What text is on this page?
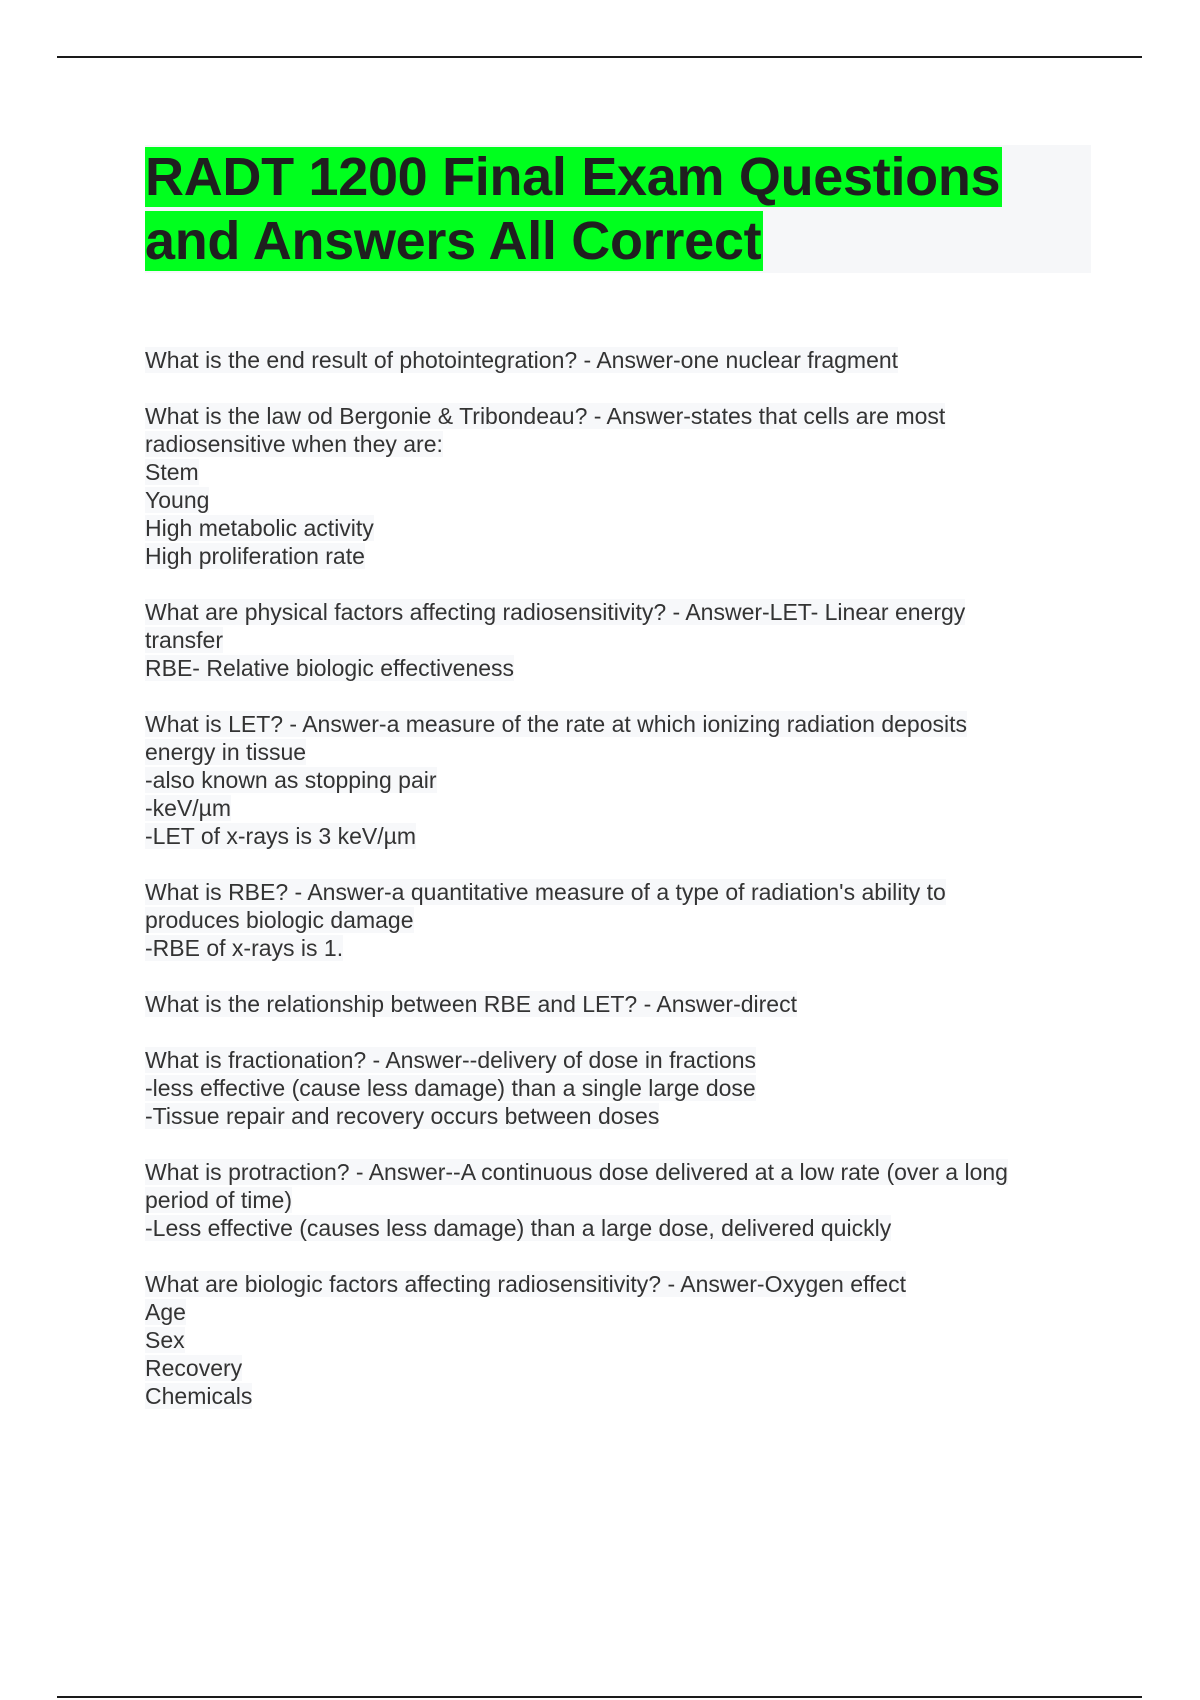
RADT 1200 Final Exam Questions
and Answers All Correct
What is the end result of photointegration? - Answer-one nuclear fragment
What is the law od Bergonie & Tribondeau? - Answer-states that cells are most
radiosensitive when they are:
Stem
Young
High metabolic activity
High proliferation rate
What are physical factors affecting radiosensitivity? - Answer-LET- Linear energy
transfer
RBE- Relative biologic effectiveness
What is LET? - Answer-a measure of the rate at which ionizing radiation deposits
energy in tissue
-also known as stopping pair
-keV/µm
-LET of x-rays is 3 keV/µm
What is RBE? - Answer-a quantitative measure of a type of radiation's ability to
produces biologic damage
-RBE of x-rays is 1.
What is the relationship between RBE and LET? - Answer-direct
What is fractionation? - Answer--delivery of dose in fractions
-less effective (cause less damage) than a single large dose
-Tissue repair and recovery occurs between doses
What is protraction? - Answer--A continuous dose delivered at a low rate (over a long
period of time)
-Less effective (causes less damage) than a large dose, delivered quickly
What are biologic factors affecting radiosensitivity? - Answer-Oxygen effect
Age
Sex
Recovery
Chemicals
